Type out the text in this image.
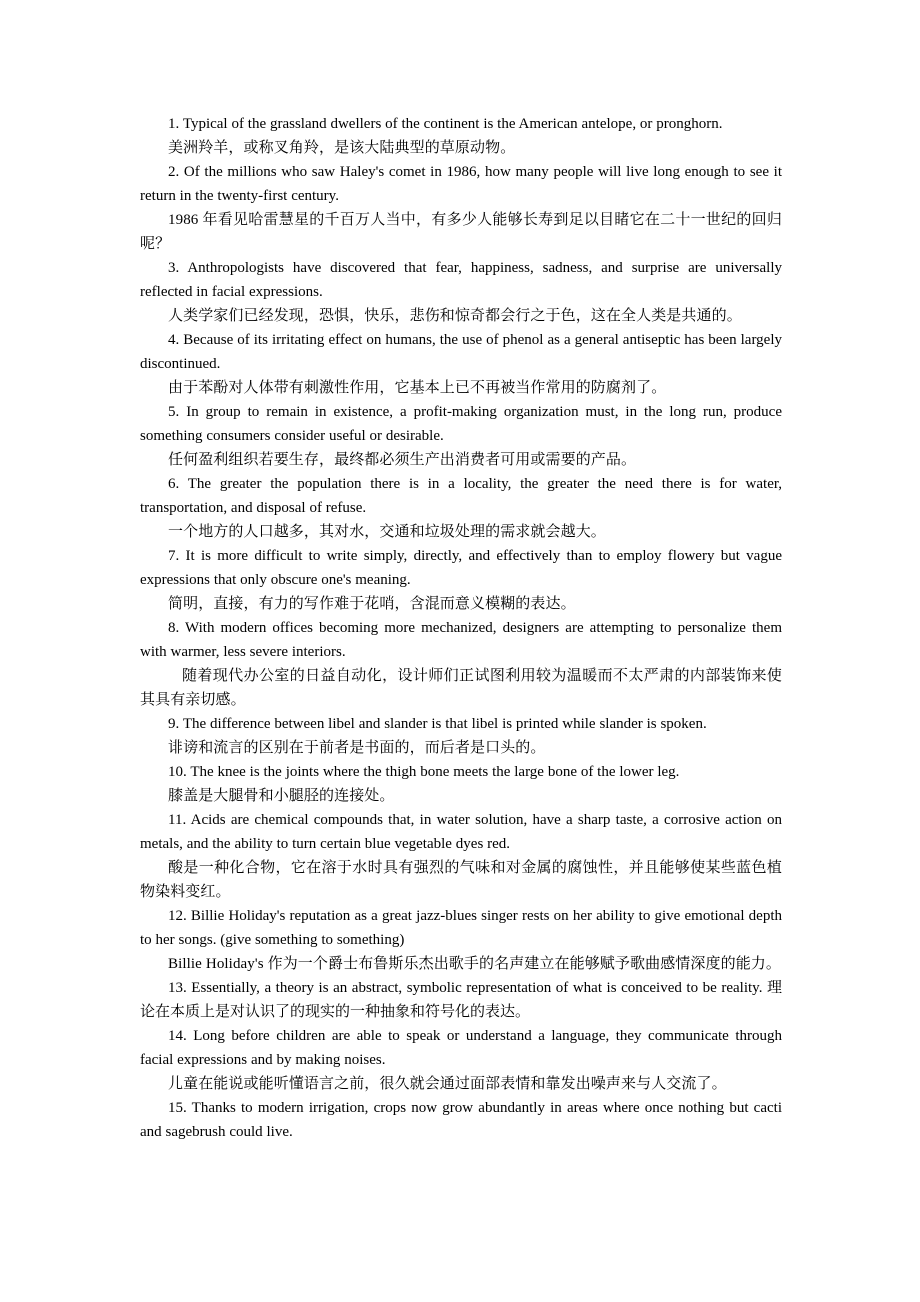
1. Typical of the grassland dwellers of the continent is the American antelope, or pronghorn.

美洲羚羊，或称叉角羚，是该大陆典型的草原动物。

2. Of the millions who saw Haley's comet in 1986, how many people will live long enough to see it return in the twenty-first century.

1986 年看见哈雷慧星的千百万人当中，有多少人能够长寿到足以目睹它在二十一世纪的回归呢？

3. Anthropologists have discovered that fear, happiness, sadness, and surprise are universally reflected in facial expressions.

人类学家们已经发现，恐惧，快乐，悲伤和惊奇都会行之于色，这在全人类是共通的。

4. Because of its irritating effect on humans, the use of phenol as a general antiseptic has been largely discontinued.

由于苯酚对人体带有刺激性作用，它基本上已不再被当作常用的防腐剂了。

5. In group to remain in existence, a profit-making organization must, in the long run, produce something consumers consider useful or desirable.

任何盈利组织若要生存，最终都必须生产出消费者可用或需要的产品。

6. The greater the population there is in a locality, the greater the need there is for water, transportation, and disposal of refuse.

一个地方的人口越多，其对水，交通和垃圾处理的需求就会越大。

7. It is more difficult to write simply, directly, and effectively than to employ flowery but vague expressions that only obscure one's meaning.

简明，直接，有力的写作难于花哨，含混而意义模糊的表达。

8. With modern offices becoming more mechanized, designers are attempting to personalize them with warmer, less severe interiors.

随着现代办公室的日益自动化，设计师们正试图利用较为温暖而不太严肃的内部装饰来使其具有亲切感。

9. The difference between libel and slander is that libel is printed while slander is spoken.

诽谤和流言的区别在于前者是书面的，而后者是口头的。

10. The knee is the joints where the thigh bone meets the large bone of the lower leg.

膝盖是大腿骨和小腿胫的连接处。

11. Acids are chemical compounds that, in water solution, have a sharp taste, a corrosive action on metals, and the ability to turn certain blue vegetable dyes red.

酸是一种化合物，它在溶于水时具有强烈的气味和对金属的腐蚀性，并且能够使某些蓝色植物染料变红。

12. Billie Holiday's reputation as a great jazz-blues singer rests on her ability to give emotional depth to her songs. (give something to something)

Billie Holiday's 作为一个爵士布鲁斯乐杰出歌手的名声建立在能够赋予歌曲感情深度的能力。

13. Essentially, a theory is an abstract, symbolic representation of what is conceived to be reality. 理论在本质上是对认识了的现实的一种抽象和符号化的表达。

14. Long before children are able to speak or understand a language, they communicate through facial expressions and by making noises.

儿童在能说或能听懂语言之前，很久就会通过面部表情和靠发出噪声来与人交流了。

15. Thanks to modern irrigation, crops now grow abundantly in areas where once nothing but cacti and sagebrush could live.
